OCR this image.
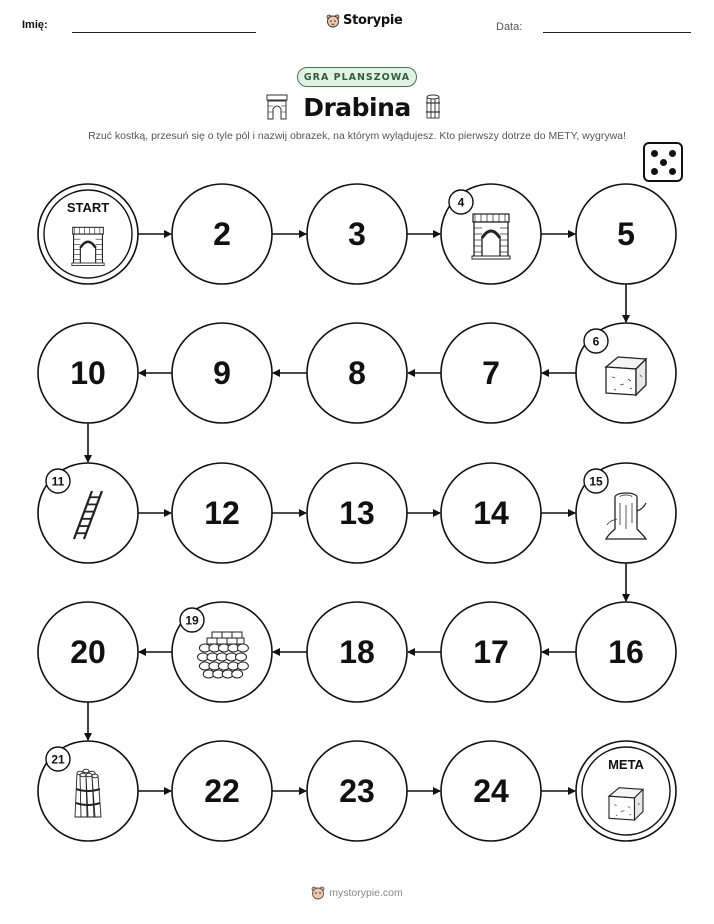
Imię:	Storypie	Data:
GRA PLANSZOWA
Drabina
Rzuć kostką, przesuń się o tyle pól i nazwij obrazek, na którym wylądujesz. Kto pierwszy dotrze do METY, wygrywa!
START
2	3
4
5
6
7
8
9
10
11
12	13	14
15
16
17
18
19
20
21
22	23	24
META
mystorypie.com
